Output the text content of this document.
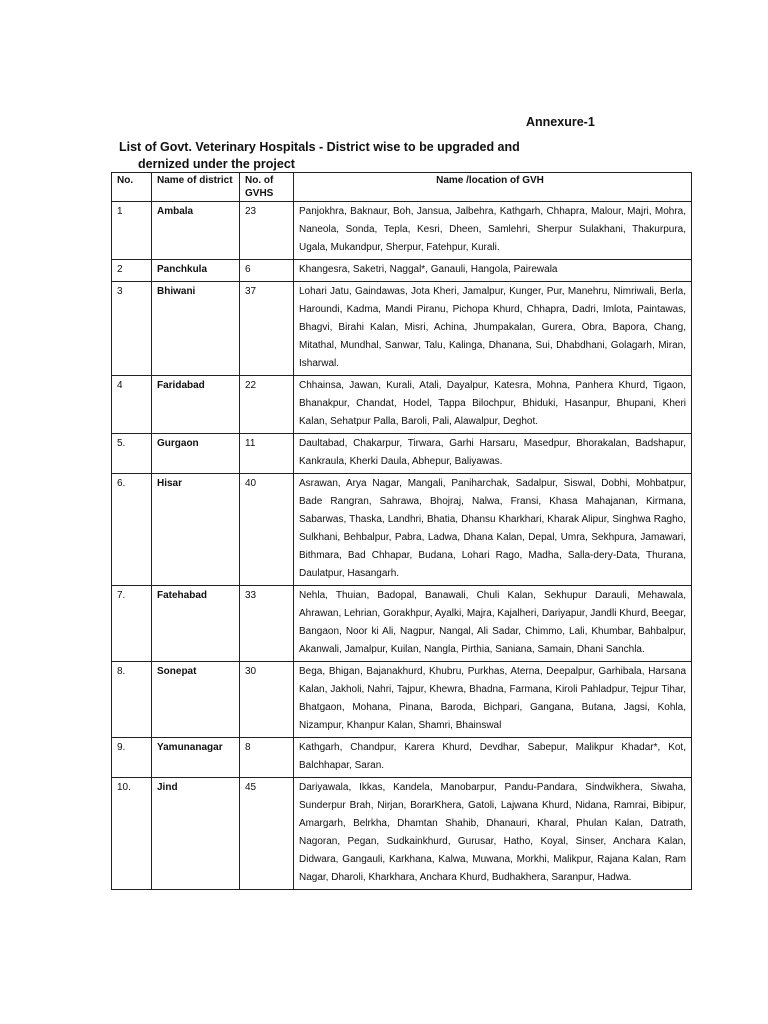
Annexure-1
List of Govt. Veterinary Hospitals - District wise to be upgraded and
dernized under the project
No.	Name of district	No. of GVHS	Name /location of GVH
1	Ambala	23	Panjokhra, Baknaur, Boh, Jansua, Jalbehra, Kathgarh, Chhapra, Malour, Majri, Mohra, Naneola, Sonda, Tepla, Kesri, Dheen, Samlehri, Sherpur Sulakhani, Thakurpura, Ugala, Mukandpur, Sherpur, Fatehpur, Kurali.
2	Panchkula	6	Khangesra, Saketri, Naggal*, Ganauli, Hangola, Pairewala
3	Bhiwani	37	Lohari Jatu, Gaindawas, Jota Kheri, Jamalpur, Kunger, Pur, Manehru, Nimriwali, Berla, Haroundi, Kadma, Mandi Piranu, Pichopa Khurd, Chhapra, Dadri, Imlota, Paintawas, Bhagvi, Birahi Kalan, Misri, Achina, Jhumpakalan, Gurera, Obra, Bapora, Chang, Mitathal, Mundhal, Sanwar, Talu, Kalinga, Dhanana, Sui, Dhabdhani, Golagarh, Miran, Isharwal.
4	Faridabad	22	Chhainsa, Jawan, Kurali, Atali, Dayalpur, Katesra, Mohna, Panhera Khurd, Tigaon, Bhanakpur, Chandat, Hodel, Tappa Bilochpur, Bhiduki, Hasanpur, Bhupani, Kheri Kalan, Sehatpur Palla, Baroli, Pali, Alawalpur, Deghot.
5.	Gurgaon	11	Daultabad, Chakarpur, Tirwara, Garhi Harsaru, Masedpur, Bhorakalan, Badshapur, Kankraula, Kherki Daula, Abhepur, Baliyawas.
6.	Hisar	40	Asrawan, Arya Nagar, Mangali, Paniharchak, Sadalpur, Siswal, Dobhi, Mohbatpur, Bade Rangran, Sahrawa, Bhojraj, Nalwa, Fransi, Khasa Mahajanan, Kirmana, Sabarwas, Thaska, Landhri, Bhatia, Dhansu Kharkhari, Kharak Alipur, Singhwa Ragho, Sulkhani, Behbalpur, Pabra, Ladwa, Dhana Kalan, Depal, Umra, Sekhpura, Jamawari, Bithmara, Bad Chhapar, Budana, Lohari Rago, Madha, Salla-dery-Data, Thurana, Daulatpur, Hasangarh.
7.	Fatehabad	33	Nehla, Thuian, Badopal, Banawali, Chuli Kalan, Sekhupur Darauli, Mehawala, Ahrawan, Lehrian, Gorakhpur, Ayalki, Majra, Kajalheri, Dariyapur, Jandli Khurd, Beegar, Bangaon, Noor ki Ali, Nagpur, Nangal, Ali Sadar, Chimmo, Lali, Khumbar, Bahbalpur, Akanwali, Jamalpur, Kuilan, Nangla, Pirthia, Saniana, Samain, Dhani Sanchla.
8.	Sonepat	30	Bega, Bhigan, Bajanakhurd, Khubru, Purkhas, Aterna, Deepalpur, Garhibala, Harsana Kalan, Jakholi, Nahri, Tajpur, Khewra, Bhadna, Farmana, Kiroli Pahladpur, Tejpur Tihar, Bhatgaon, Mohana, Pinana, Baroda, Bichpari, Gangana, Butana, Jagsi, Kohla, Nizampur, Khanpur Kalan, Shamri, Bhainswal
9.	Yamunanagar	8	Kathgarh, Chandpur, Karera Khurd, Devdhar, Sabepur, Malikpur Khadar*, Kot, Balchhapar, Saran.
10.	Jind	45	Dariyawala, Ikkas, Kandela, Manobarpur, Pandu-Pandara, Sindwikhera, Siwaha, Sunderpur Brah, Nirjan, BorarKhera, Gatoli, Lajwana Khurd, Nidana, Ramrai, Bibipur, Amargarh, Belrkha, Dhamtan Shahib, Dhanauri, Kharal, Phulan Kalan, Datrath, Nagoran, Pegan, Sudkainkhurd, Gurusar, Hatho, Koyal, Sinser, Anchara Kalan, Didwara, Gangauli, Karkhana, Kalwa, Muwana, Morkhi, Malikpur, Rajana Kalan, Ram Nagar, Dharoli, Kharkhara, Anchara Khurd, Budhakhera, Saranpur, Hadwa.
